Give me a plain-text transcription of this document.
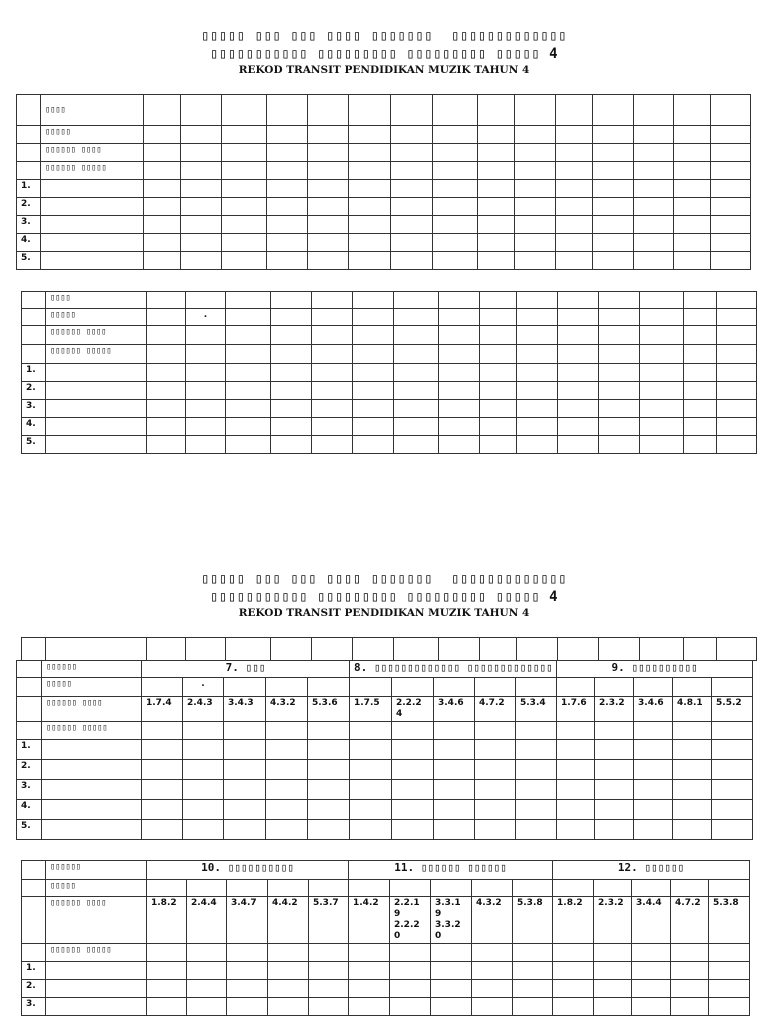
▯▯▯▯▯ ▯▯▯ ▯▯▯ ▯▯▯▯ ▯▯▯▯▯▯▯  ▯▯▯▯▯▯▯▯▯▯▯▯▯
▯▯▯▯▯▯▯▯▯▯▯ ▯▯▯▯▯▯▯▯▯ ▯▯▯▯▯▯▯▯▯ ▯▯▯▯▯ 4
REKOD TRANSIT PENDIDIKAN MUZIK TAHUN 4
	▯▯▯▯															
	▯▯▯▯▯															
	▯▯▯▯▯▯ ▯▯▯▯															
	▯▯▯▯▯▯ ▯▯▯▯▯															
1.																
2.																
3.																
4.																
5.																
	▯▯▯▯															
	▯▯▯▯▯		.													
	▯▯▯▯▯▯ ▯▯▯▯															
	▯▯▯▯▯▯ ▯▯▯▯▯															
1.																
2.																
3.																
4.																
5.																
▯▯▯▯▯ ▯▯▯ ▯▯▯ ▯▯▯▯ ▯▯▯▯▯▯▯  ▯▯▯▯▯▯▯▯▯▯▯▯▯
▯▯▯▯▯▯▯▯▯▯▯ ▯▯▯▯▯▯▯▯▯ ▯▯▯▯▯▯▯▯▯ ▯▯▯▯▯ 4
REKOD TRANSIT PENDIDIKAN MUZIK TAHUN 4

	▯▯▯▯▯▯	7. ▯▯▯					8. ▯▯▯▯▯▯▯▯▯▯▯▯▯ ▯▯▯▯▯▯▯▯▯▯▯▯▯					9. ▯▯▯▯▯▯▯▯▯▯				
	▯▯▯▯▯		.													
	▯▯▯▯▯▯ ▯▯▯▯	1.7.4	2.4.3	3.4.3	4.3.2	5.3.6	1.7.5	2.2.2
4	3.4.6	4.7.2	5.3.4	1.7.6	2.3.2	3.4.6	4.8.1	5.5.2
	▯▯▯▯▯▯ ▯▯▯▯▯															
1.																
2.																
3.																
4.																
5.																
	▯▯▯▯▯▯	10. ▯▯▯▯▯▯▯▯▯▯					11. ▯▯▯▯▯▯ ▯▯▯▯▯▯					12. ▯▯▯▯▯▯				
	▯▯▯▯▯															
	▯▯▯▯▯▯ ▯▯▯▯	1.8.2	2.4.4	3.4.7	4.4.2	5.3.7	1.4.2	2.2.1
9
2.2.2
0	3.3.1
9
3.3.2
0	4.3.2	5.3.8	1.8.2	2.3.2	3.4.4	4.7.2	5.3.8
	▯▯▯▯▯▯ ▯▯▯▯▯															
1.																
2.																
3.																
